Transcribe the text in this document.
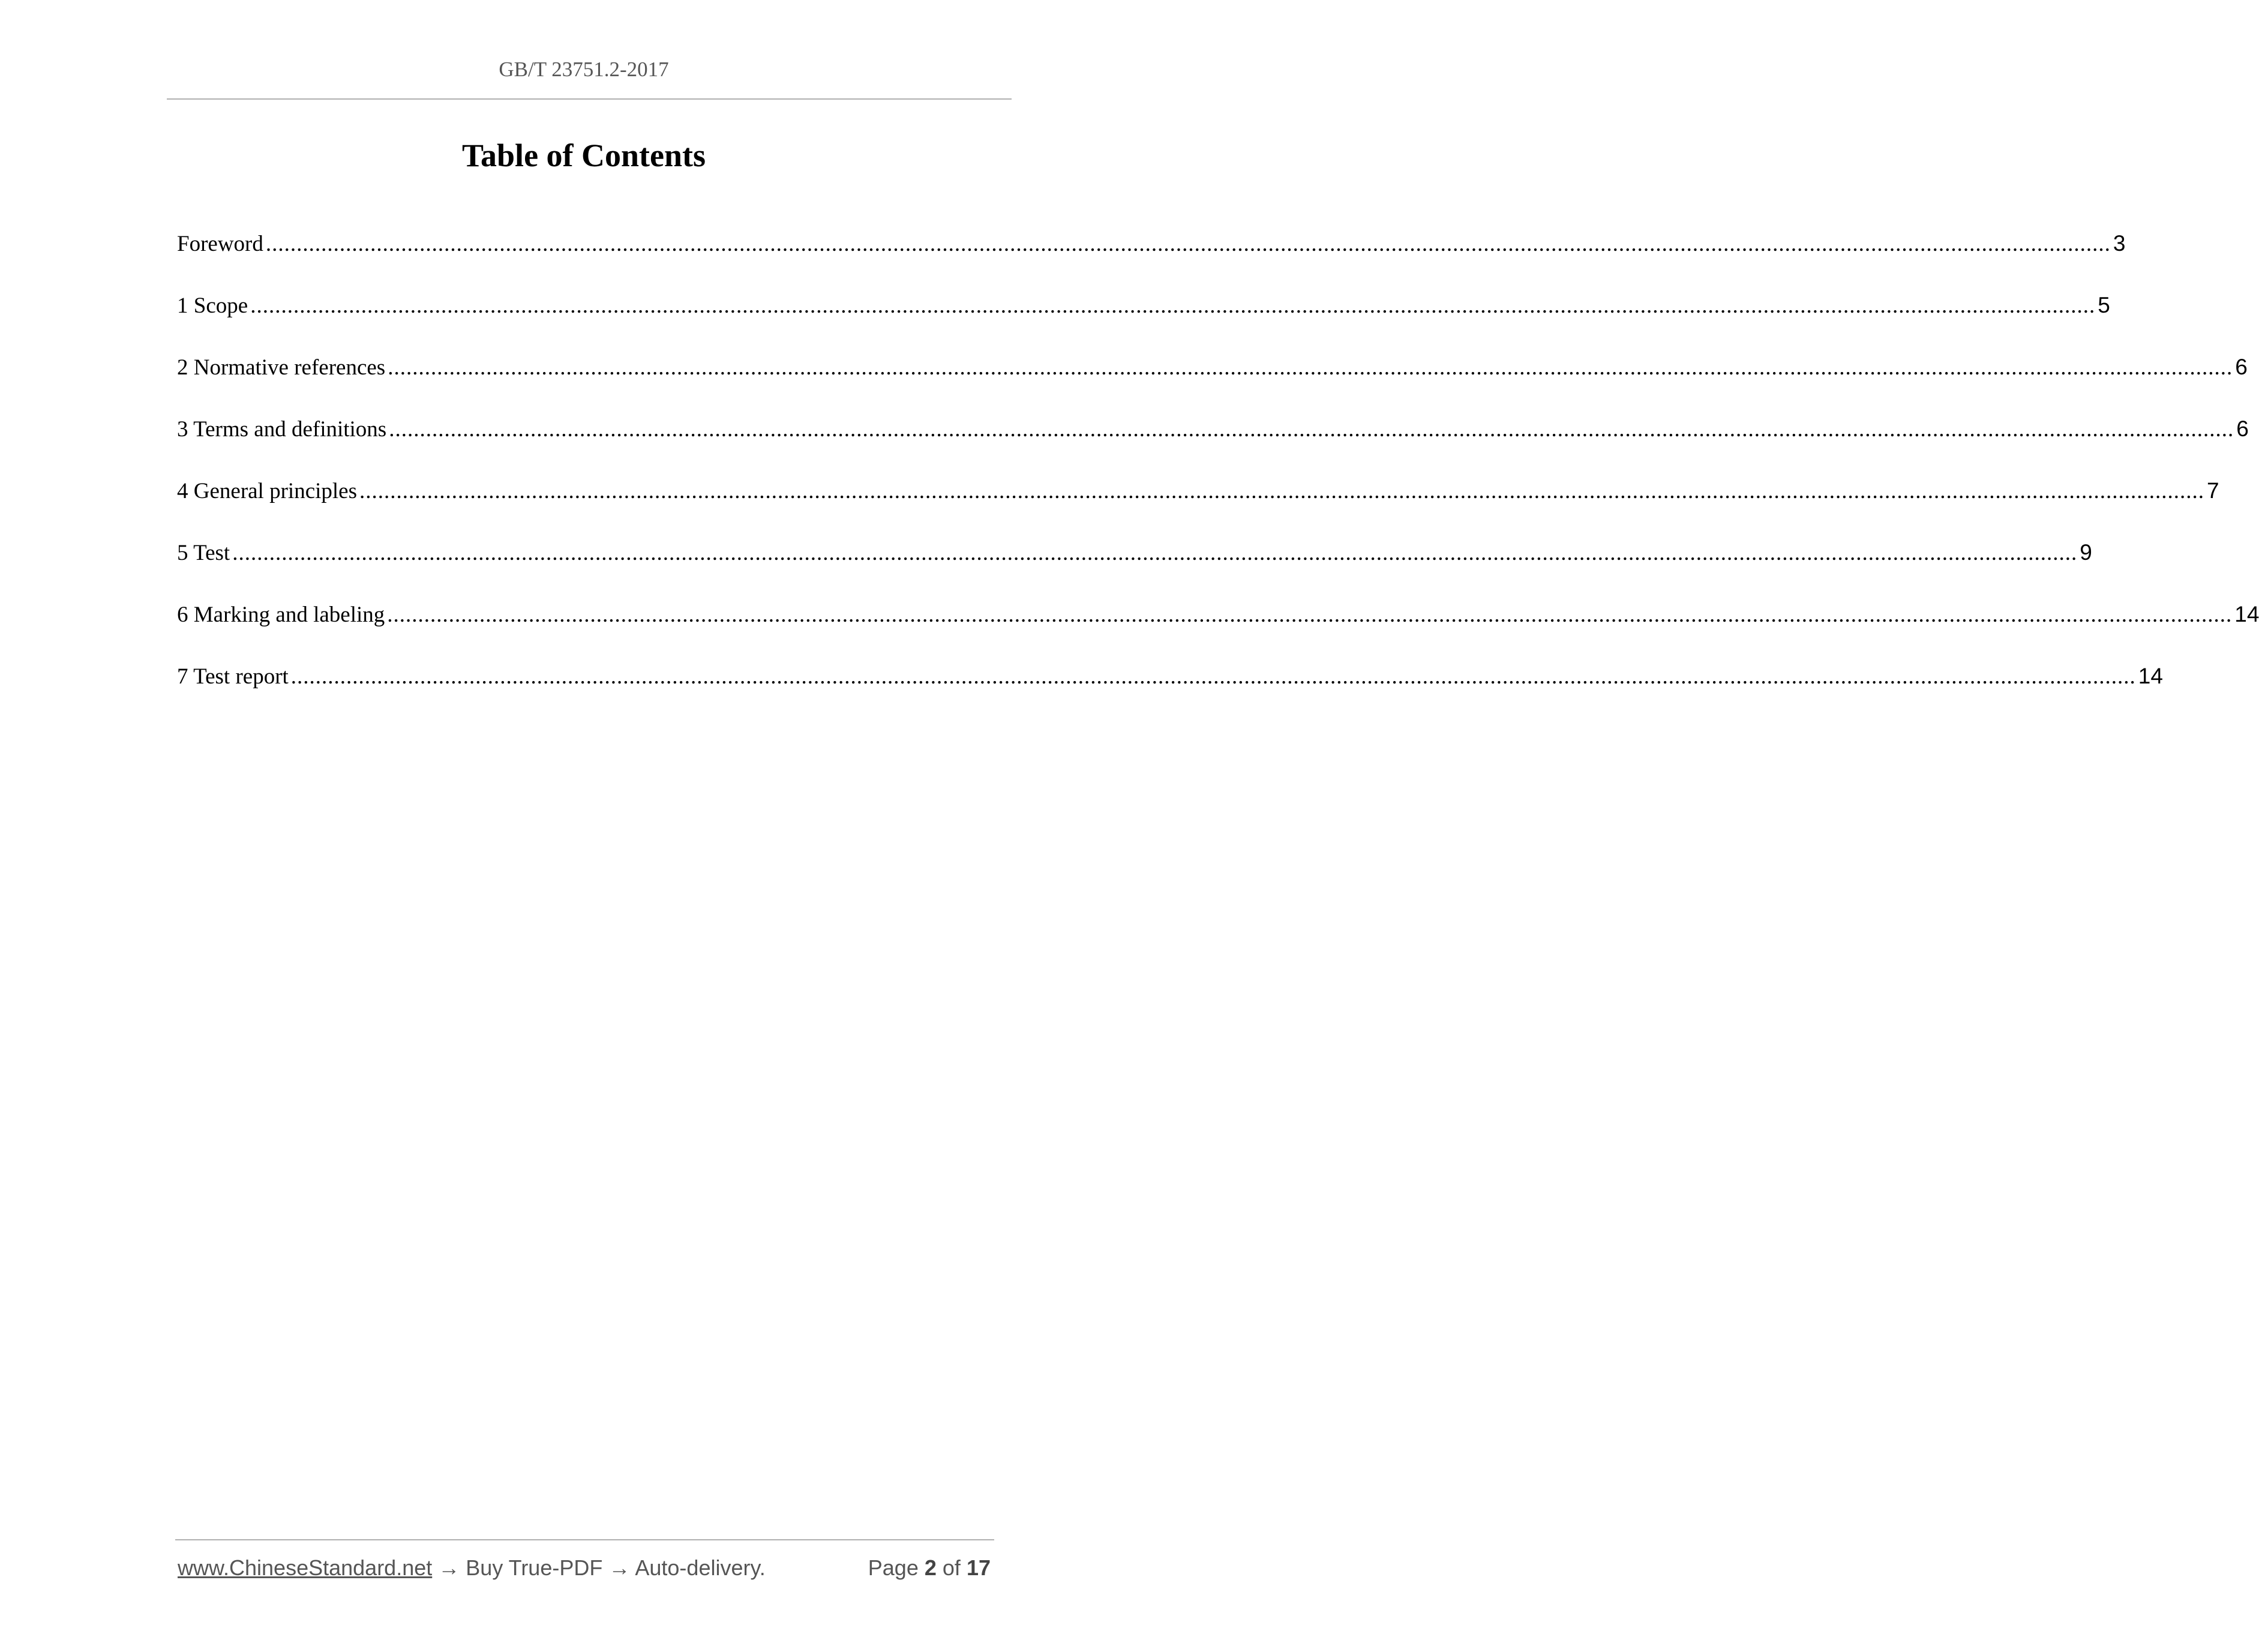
GB/T 23751.2-2017
Table of Contents
Foreword ............................................................................................................................................................................................................................................................................................................ 3
1 Scope ............................................................................................................................................................................................................................................................................................................ 5
2 Normative references ............................................................................................................................................................................................................................................................................................................ 6
3 Terms and definitions ............................................................................................................................................................................................................................................................................................................ 6
4 General principles ............................................................................................................................................................................................................................................................................................................ 7
5 Test ............................................................................................................................................................................................................................................................................................................ 9
6 Marking and labeling ............................................................................................................................................................................................................................................................................................................ 14
7 Test report ............................................................................................................................................................................................................................................................................................................ 14
www.ChineseStandard.net → Buy True-PDF → Auto-delivery.	Page 2 of 17
